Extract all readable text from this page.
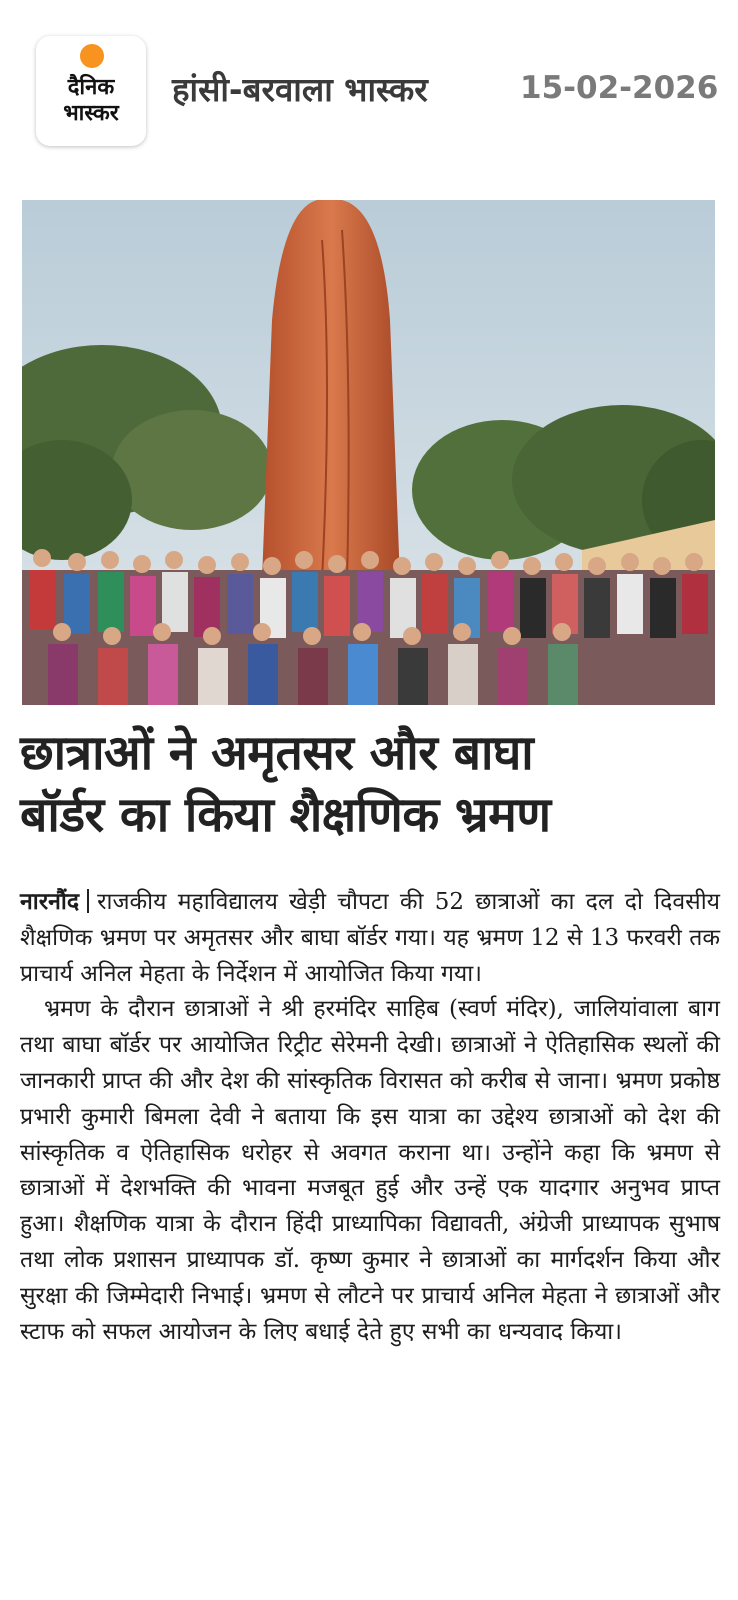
दैनिक
भास्कर
हांसी-बरवाला भास्कर	15-02-2026
छात्राओं ने अमृतसर और बाघा
बॉर्डर का किया शैक्षणिक भ्रमण

नारनौंद राजकीय महाविद्यालय खेड़ी चौपटा की 52 छात्राओं का दल दो दिवसीय शैक्षणिक भ्रमण पर अमृतसर और बाघा बॉर्डर गया। यह भ्रमण 12 से 13 फरवरी तक प्राचार्य अनिल मेहता के निर्देशन में आयोजित किया गया।

भ्रमण के दौरान छात्राओं ने श्री हरमंदिर साहिब (स्वर्ण मंदिर), जालियांवाला बाग तथा बाघा बॉर्डर पर आयोजित रिट्रीट सेरेमनी देखी। छात्राओं ने ऐतिहासिक स्थलों की जानकारी प्राप्त की और देश की सांस्कृतिक विरासत को करीब से जाना। भ्रमण प्रकोष्ठ प्रभारी कुमारी बिमला देवी ने बताया कि इस यात्रा का उद्देश्य छात्राओं को देश की सांस्कृतिक व ऐतिहासिक धरोहर से अवगत कराना था। उन्होंने कहा कि भ्रमण से छात्राओं में देशभक्ति की भावना मजबूत हुई और उन्हें एक यादगार अनुभव प्राप्त हुआ। शैक्षणिक यात्रा के दौरान हिंदी प्राध्यापिका विद्यावती, अंग्रेजी प्राध्यापक सुभाष तथा लोक प्रशासन प्राध्यापक डॉ. कृष्ण कुमार ने छात्राओं का मार्गदर्शन किया और सुरक्षा की जिम्मेदारी निभाई। भ्रमण से लौटने पर प्राचार्य अनिल मेहता ने छात्राओं और स्टाफ को सफल आयोजन के लिए बधाई देते हुए सभी का धन्यवाद किया।
